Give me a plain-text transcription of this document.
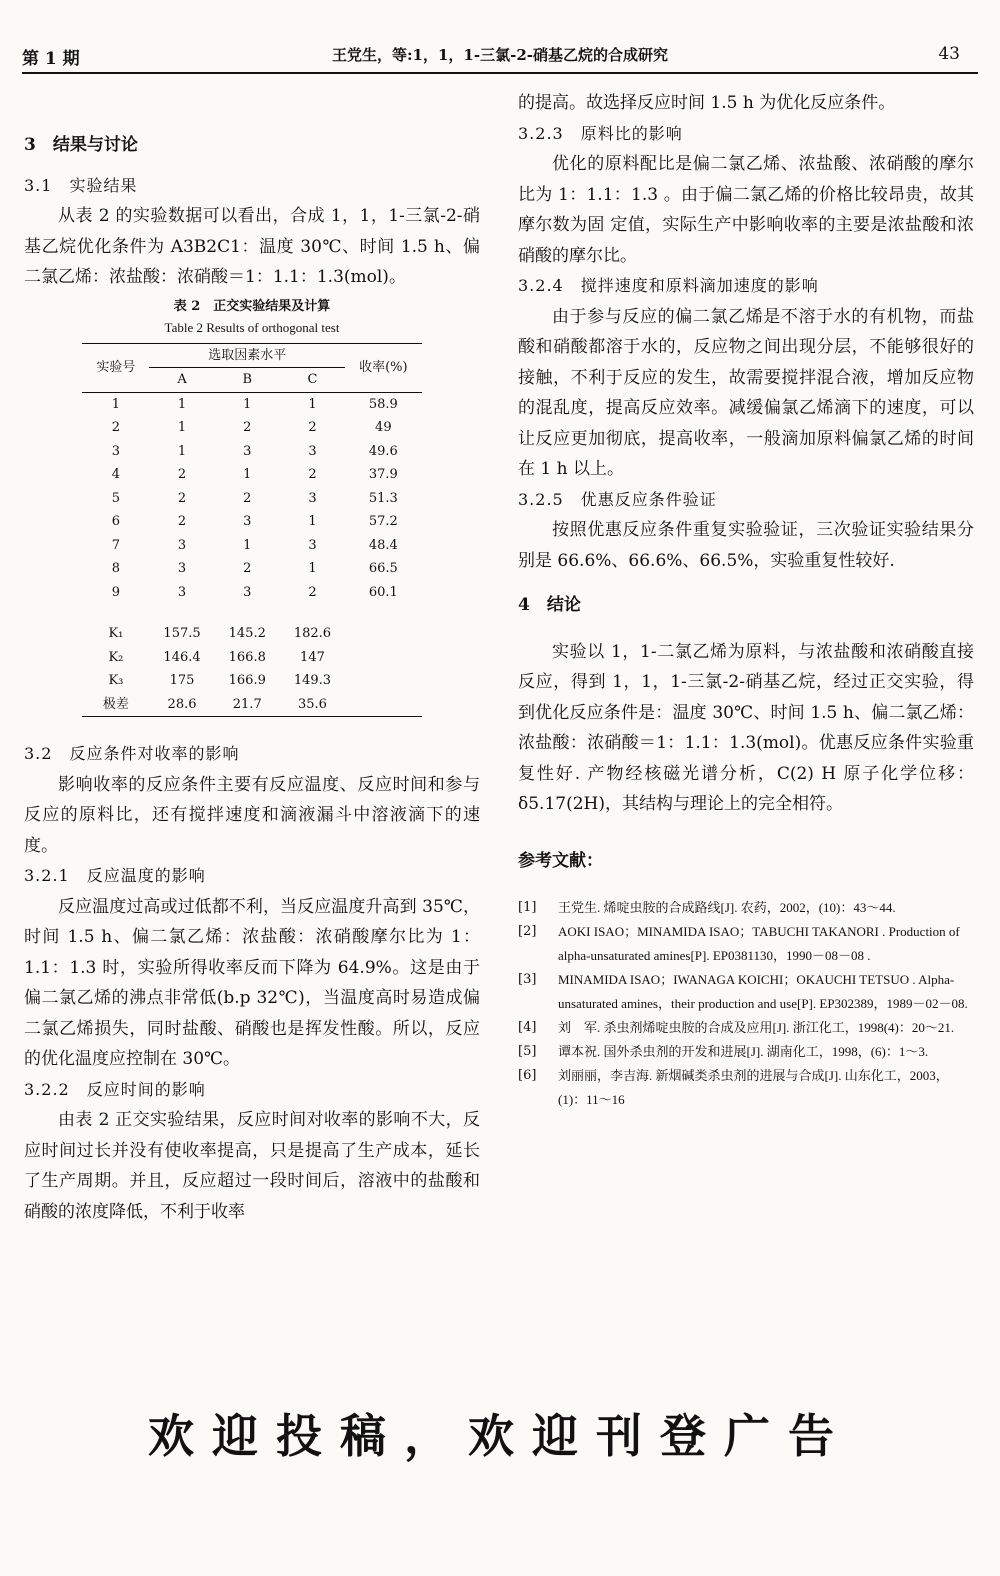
第 1 期	王党生，等:1，1，1-三氯-2-硝基乙烷的合成研究	43

3　结果与讨论

3.1　实验结果

从表 2 的实验数据可以看出，合成 1，1，1-三氯-2-硝基乙烷优化条件为 A3B2C1：温度 30℃、时间 1.5 h、偏二氯乙烯：浓盐酸：浓硝酸＝1：1.1：1.3(mol)。

表 2　正交实验结果及计算
Table 2 Results of orthogonal test
实验号	选取因素水平			收率(%)
	A	B	C	
1	1	1	1	58.9
2	1	2	2	49
3	1	3	3	49.6
4	2	1	2	37.9
5	2	2	3	51.3
6	2	3	1	57.2
7	3	1	3	48.4
8	3	2	1	66.5
9	3	3	2	60.1
K₁	157.5	145.2	182.6	
K₂	146.4	166.8	147	
K₃	175	166.9	149.3	
极差	28.6	21.7	35.6	

3.2　反应条件对收率的影响

影响收率的反应条件主要有反应温度、反应时间和参与反应的原料比，还有搅拌速度和滴液漏斗中溶液滴下的速度。

3.2.1　反应温度的影响

反应温度过高或过低都不利，当反应温度升高到 35℃，时间 1.5 h、偏二氯乙烯：浓盐酸：浓硝酸摩尔比为 1：1.1：1.3 时，实验所得收率反而下降为 64.9%。这是由于偏二氯乙烯的沸点非常低(b.p 32℃)，当温度高时易造成偏二氯乙烯损失，同时盐酸、硝酸也是挥发性酸。所以，反应的优化温度应控制在 30℃。

3.2.2　反应时间的影响

由表 2 正交实验结果，反应时间对收率的影响不大，反应时间过长并没有使收率提高，只是提高了生产成本，延长了生产周期。并且，反应超过一段时间后，溶液中的盐酸和硝酸的浓度降低，不利于收率

的提高。故选择反应时间 1.5 h 为优化反应条件。

3.2.3　原料比的影响

优化的原料配比是偏二氯乙烯、浓盐酸、浓硝酸的摩尔比为 1：1.1：1.3 。由于偏二氯乙烯的价格比较昂贵，故其摩尔数为固 定值，实际生产中影响收率的主要是浓盐酸和浓硝酸的摩尔比。

3.2.4　搅拌速度和原料滴加速度的影响

由于参与反应的偏二氯乙烯是不溶于水的有机物，而盐酸和硝酸都溶于水的，反应物之间出现分层，不能够很好的接触，不利于反应的发生，故需要搅拌混合液，增加反应物的混乱度，提高反应效率。减缓偏氯乙烯滴下的速度，可以让反应更加彻底，提高收率，一般滴加原料偏氯乙烯的时间在 1 h 以上。

3.2.5　优惠反应条件验证

按照优惠反应条件重复实验验证，三次验证实验结果分别是 66.6%、66.6%、66.5%，实验重复性较好.

4　结论

实验以 1，1-二氯乙烯为原料，与浓盐酸和浓硝酸直接反应，得到 1，1，1-三氯-2-硝基乙烷，经过正交实验，得到优化反应条件是：温度 30℃、时间 1.5 h、偏二氯乙烯：浓盐酸：浓硝酸＝1：1.1：1.3(mol)。优惠反应条件实验重复性好. 产物经核磁光谱分析，C(2) H 原子化学位移：δ5.17(2H)，其结构与理论上的完全相符。

参考文献：

[1]	王党生. 烯啶虫胺的合成路线[J]. 农药，2002，(10)：43～44.

[2]	AOKI ISAO；MINAMIDA ISAO；TABUCHI TAKANORI . Production of alpha-unsaturated amines[P]. EP0381130，1990－08－08 .

[3]	MINAMIDA ISAO；IWANAGA KOICHI；OKAUCHI TETSUO . Alpha-unsaturated amines，their production and use[P]. EP302389，1989－02－08.

[4]	刘　军. 杀虫剂烯啶虫胺的合成及应用[J]. 浙江化工，1998(4)：20～21.

[5]	谭本祝. 国外杀虫剂的开发和进展[J]. 湖南化工，1998，(6)：1～3.

[6]	刘丽丽，李吉海. 新烟碱类杀虫剂的进展与合成[J]. 山东化工，2003，(1)：11～16

欢迎投稿，欢迎刊登广告
